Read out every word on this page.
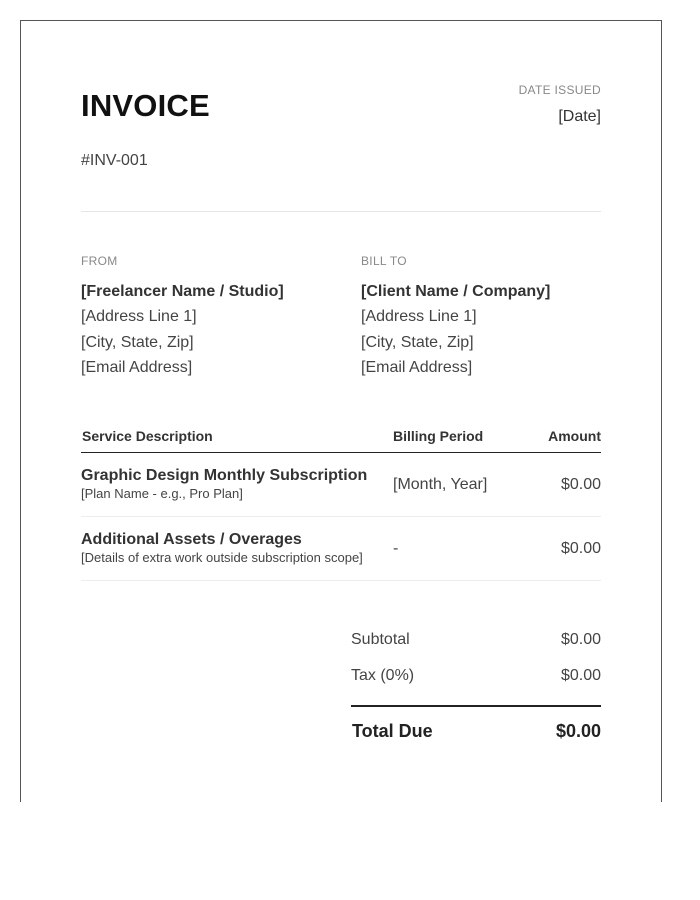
INVOICE
#INV-001
DATE ISSUED
[Date]
FROM
[Freelancer Name / Studio]
[Address Line 1]
[City, State, Zip]
[Email Address]
BILL TO
[Client Name / Company]
[Address Line 1]
[City, State, Zip]
[Email Address]
Service Description	Billing Period	Amount
Graphic Design Monthly Subscription
[Plan Name - e.g., Pro Plan]
[Month, Year]	$0.00
Additional Assets / Overages
[Details of extra work outside subscription scope]
-	$0.00
Subtotal	$0.00
Tax (0%)	$0.00
Total Due	$0.00
